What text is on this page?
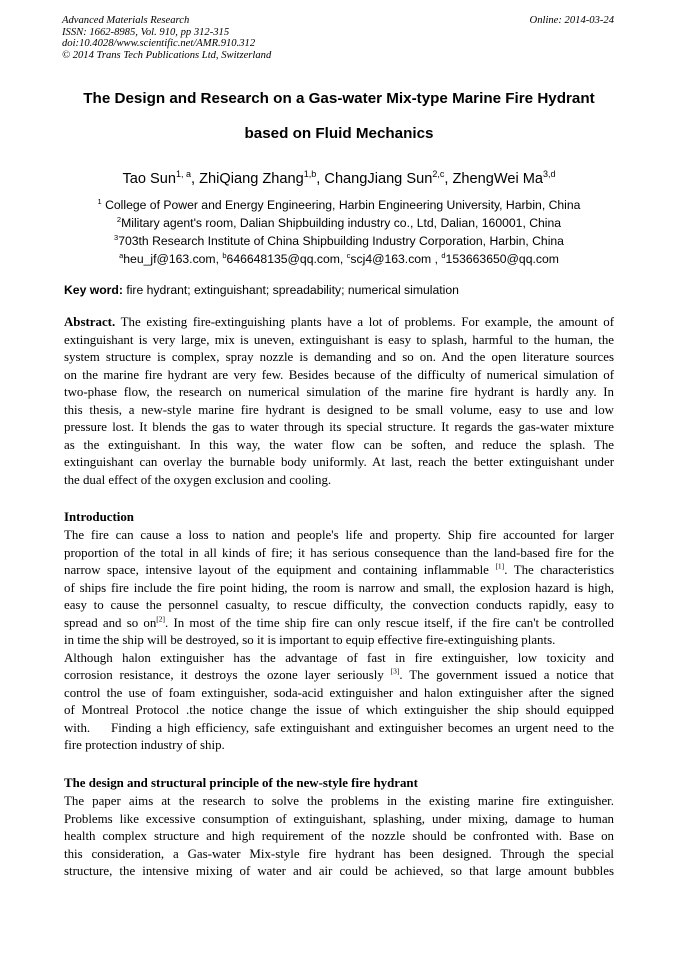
Advanced Materials Research
ISSN: 1662-8985, Vol. 910, pp 312-315
doi:10.4028/www.scientific.net/AMR.910.312
© 2014 Trans Tech Publications Ltd, Switzerland
Online: 2014-03-24
The Design and Research on a Gas-water Mix-type Marine Fire Hydrant
based on Fluid Mechanics
Tao Sun$^{1, a}$, ZhiQiang Zhang$^{1,b}$, ChangJiang Sun$^{2,c}$, ZhengWei Ma$^{3,d}$
$^1$ College of Power and Energy Engineering, Harbin Engineering University, Harbin, China
$^2$Military agent's room, Dalian Shipbuilding industry co., Ltd, Dalian, 160001, China
$^3$703th Research Institute of China Shipbuilding Industry Corporation, Harbin, China
$^a$heu_jf@163.com, $^b$646648135@qq.com, $^c$scj4@163.com , $^d$153663650@qq.com
Key word: fire hydrant; extinguishant; spreadability; numerical simulation
Abstract. The existing fire-extinguishing plants have a lot of problems. For example, the amount of
extinguishant is very large, mix is uneven, extinguishant is easy to splash, harmful to the human, the
system structure is complex, spray nozzle is demanding and so on. And the open literature sources
on the marine fire hydrant are very few. Besides because of the difficulty of numerical simulation of
two-phase flow, the research on numerical simulation of the marine fire hydrant is hardly any. In
this thesis, a new-style marine fire hydrant is designed to be small volume, easy to use and low
pressure lost. It blends the gas to water through its special structure. It regards the gas-water mixture
as the extinguishant. In this way, the water flow can be soften, and reduce the splash. The
extinguishant can overlay the burnable body uniformly. At last, reach the better extinguishant under
the dual effect of the oxygen exclusion and cooling.
Introduction
The fire can cause a loss to nation and people's life and property. Ship fire accounted for larger
proportion of the total in all kinds of fire; it has serious consequence than the land-based fire for the
narrow space, intensive layout of the equipment and containing inflammable [1]. The characteristics
of ships fire include the fire point hiding, the room is narrow and small, the explosion hazard is high,
easy to cause the personnel casualty, to rescue difficulty, the convection conducts rapidly, easy to
spread and so on[2]. In most of the time ship fire can only rescue itself, if the fire can't be controlled
in time the ship will be destroyed, so it is important to equip effective fire-extinguishing plants.
Although halon extinguisher has the advantage of fast in fire extinguisher, low toxicity and
corrosion resistance, it destroys the ozone layer seriously [3]. The government issued a notice that
control the use of foam extinguisher, soda-acid extinguisher and halon extinguisher after the signed
of Montreal Protocol .the notice change the issue of which extinguisher the ship should equipped
with.    Finding a high efficiency, safe extinguishant and extinguisher becomes an urgent need to the
fire protection industry of ship.
The design and structural principle of the new-style fire hydrant
The paper aims at the research to solve the problems in the existing marine fire extinguisher.
Problems like excessive consumption of extinguishant, splashing, under mixing, damage to human
health complex structure and high requirement of the nozzle should be confronted with. Base on
this consideration, a Gas-water Mix-style fire hydrant has been designed. Through the special
structure, the intensive mixing of water and air could be achieved, so that large amount bubbles
